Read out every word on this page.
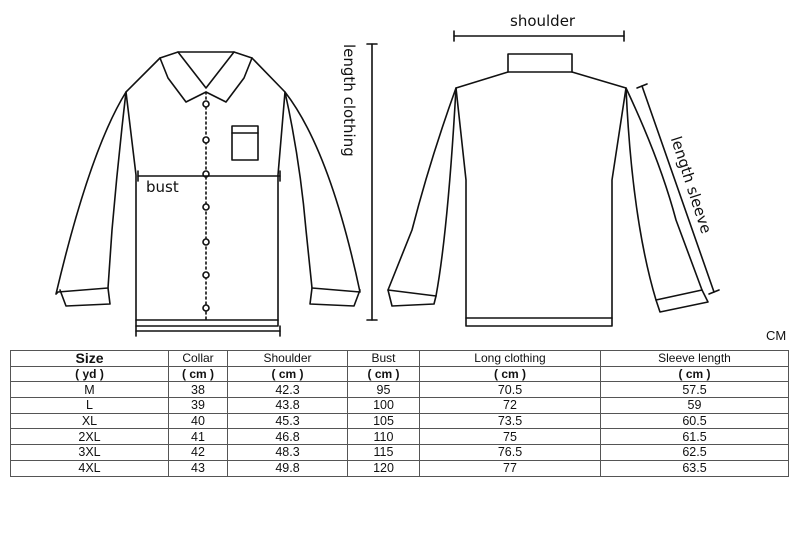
length clothing
bust
shoulder
length sleeve
CM
Size	Collar	Shoulder	Bust	Long clothing	Sleeve length
( yd )	( cm )	( cm )	( cm )	( cm )	( cm )
M	38	42.3	95	70.5	57.5
L	39	43.8	100	72	59
XL	40	45.3	105	73.5	60.5
2XL	41	46.8	110	75	61.5
3XL	42	48.3	115	76.5	62.5
4XL	43	49.8	120	77	63.5
